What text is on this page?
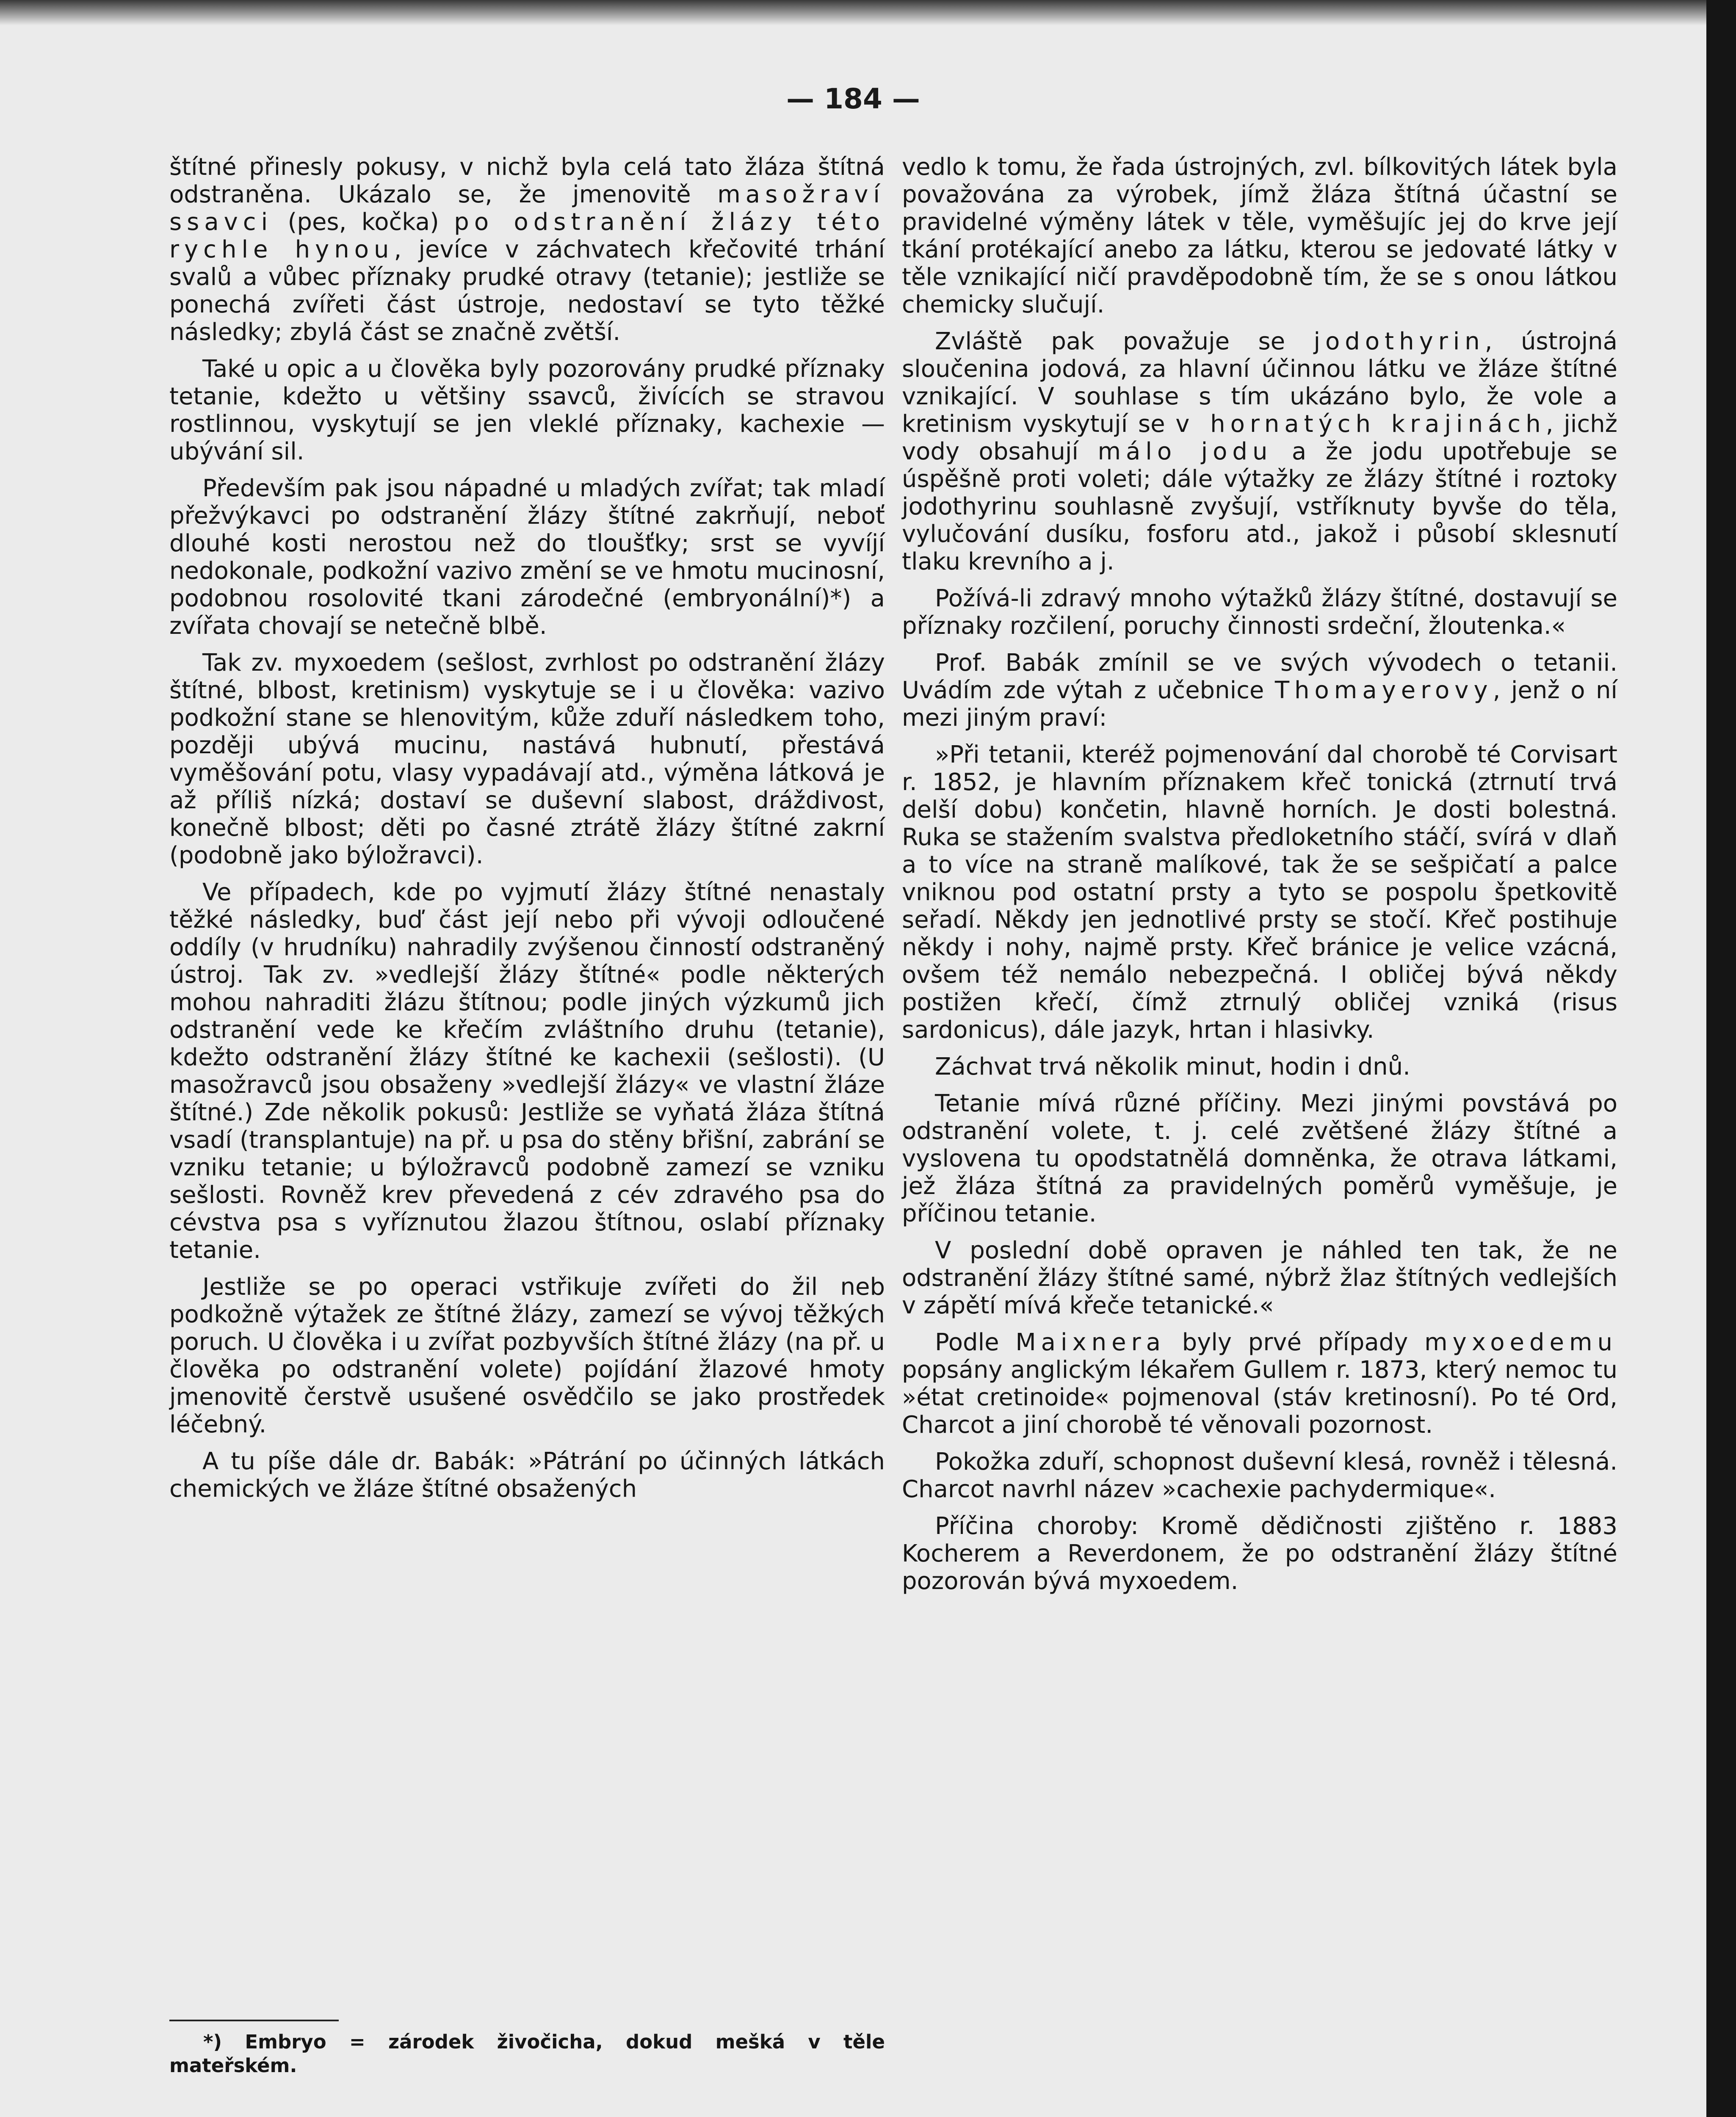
— 184 —

štítné přinesly pokusy, v nichž byla celá tato žláza štítná odstraněna. Ukázalo se, že jmenovitě masožraví ssavci (pes, kočka) po odstranění žlázy této rychle hynou, jevíce v záchvatech křečovité trhání svalů a vůbec příznaky prudké otravy (tetanie); jestliže se ponechá zvířeti část ústroje, nedostaví se tyto těžké následky; zbylá část se značně zvětší.

Také u opic a u člověka byly pozorovány prudké příznaky tetanie, kdežto u většiny ssavců, živících se stravou rostlinnou, vyskytují se jen vleklé příznaky, kachexie — ubývání sil.

Především pak jsou nápadné u mladých zvířat; tak mladí přežvýkavci po odstranění žlázy štítné zakrňují, neboť dlouhé kosti nerostou než do tloušťky; srst se vyvíjí nedokonale, podkožní vazivo změní se ve hmotu mucinosní, podobnou rosolovité tkani zárodečné (embryonální)*) a zvířata chovají se netečně blbě.

Tak zv. myxoedem (sešlost, zvrhlost po odstranění žlázy štítné, blbost, kretinism) vyskytuje se i u člověka: vazivo podkožní stane se hlenovitým, kůže zduří následkem toho, později ubývá mucinu, nastává hubnutí, přestává vyměšování potu, vlasy vypadávají atd., výměna látková je až příliš nízká; dostaví se duševní slabost, dráždivost, konečně blbost; děti po časné ztrátě žlázy štítné zakrní (podobně jako býložravci).

Ve případech, kde po vyjmutí žlázy štítné nenastaly těžké následky, buď část její nebo při vývoji odloučené oddíly (v hrudníku) nahradily zvýšenou činností odstraněný ústroj. Tak zv. »vedlejší žlázy štítné« podle některých mohou nahraditi žlázu štítnou; podle jiných výzkumů jich odstranění vede ke křečím zvláštního druhu (tetanie), kdežto odstranění žlázy štítné ke kachexii (sešlosti). (U masožravců jsou obsaženy »vedlejší žlázy« ve vlastní žláze štítné.) Zde několik pokusů: Jestliže se vyňatá žláza štítná vsadí (transplantuje) na př. u psa do stěny břišní, zabrání se vzniku tetanie; u býložravců podobně zamezí se vzniku sešlosti. Rovněž krev převedená z cév zdravého psa do cévstva psa s vyříznutou žlazou štítnou, oslabí příznaky tetanie.

Jestliže se po operaci vstřikuje zvířeti do žil neb podkožně výtažek ze štítné žlázy, zamezí se vývoj těžkých poruch. U člověka i u zvířat pozbyvších štítné žlázy (na př. u člověka po odstranění volete) pojídání žlazové hmoty jmenovitě čerstvě usušené osvědčilo se jako prostředek léčebný.

A tu píše dále dr. Babák: »Pátrání po účinných látkách chemických ve žláze štítné obsažených

vedlo k tomu, že řada ústrojných, zvl. bílkovitých látek byla považována za výrobek, jímž žláza štítná účastní se pravidelné výměny látek v těle, vyměšujíc jej do krve její tkání protékající anebo za látku, kterou se jedovaté látky v těle vznikající ničí pravděpodobně tím, že se s onou látkou chemicky slučují.

Zvláště pak považuje se jodothyrin, ústrojná sloučenina jodová, za hlavní účinnou látku ve žláze štítné vznikající. V souhlase s tím ukázáno bylo, že vole a kretinism vyskytují se v hornatých krajinách, jichž vody obsahují málo jodu a že jodu upotřebuje se úspěšně proti voleti; dále výtažky ze žlázy štítné i roztoky jodothyrinu souhlasně zvyšují, vstříknuty byvše do těla, vylučování dusíku, fosforu atd., jakož i působí sklesnutí tlaku krevního a j.

Požívá-li zdravý mnoho výtažků žlázy štítné, dostavují se příznaky rozčilení, poruchy činnosti srdeční, žloutenka.«

Prof. Babák zmínil se ve svých vývodech o tetanii. Uvádím zde výtah z učebnice Thomayerovy, jenž o ní mezi jiným praví:

»Při tetanii, kteréž pojmenování dal chorobě té Corvisart r. 1852, je hlavním příznakem křeč tonická (ztrnutí trvá delší dobu) končetin, hlavně horních. Je dosti bolestná. Ruka se stažením svalstva předloketního stáčí, svírá v dlaň a to více na straně malíkové, tak že se sešpičatí a palce vniknou pod ostatní prsty a tyto se pospolu špetkovitě seřadí. Někdy jen jednotlivé prsty se stočí. Křeč postihuje někdy i nohy, najmě prsty. Křeč bránice je velice vzácná, ovšem též nemálo nebezpečná. I obličej bývá někdy postižen křečí, čímž ztrnulý obličej vzniká (risus sardonicus), dále jazyk, hrtan i hlasivky.

Záchvat trvá několik minut, hodin i dnů.

Tetanie mívá různé příčiny. Mezi jinými povstává po odstranění volete, t. j. celé zvětšené žlázy štítné a vyslovena tu opodstatnělá domněnka, že otrava látkami, jež žláza štítná za pravidelných poměrů vyměšuje, je příčinou tetanie.

V poslední době opraven je náhled ten tak, že ne odstranění žlázy štítné samé, nýbrž žlaz štítných vedlejších v zápětí mívá křeče tetanické.«

Podle Maixnera byly prvé případy myxoedemu popsány anglickým lékařem Gullem r. 1873, který nemoc tu »état cretinoide« pojmenoval (stáv kretinosní). Po té Ord, Charcot a jiní chorobě té věnovali pozornost.

Pokožka zduří, schopnost duševní klesá, rovněž i tělesná. Charcot navrhl název »cachexie pachydermique«.

Příčina choroby: Kromě dědičnosti zjištěno r. 1883 Kocherem a Reverdonem, že po odstranění žlázy štítné pozorován bývá myxoedem.

*) Embryo = zárodek živočicha, dokud mešká v těle mateřském.
